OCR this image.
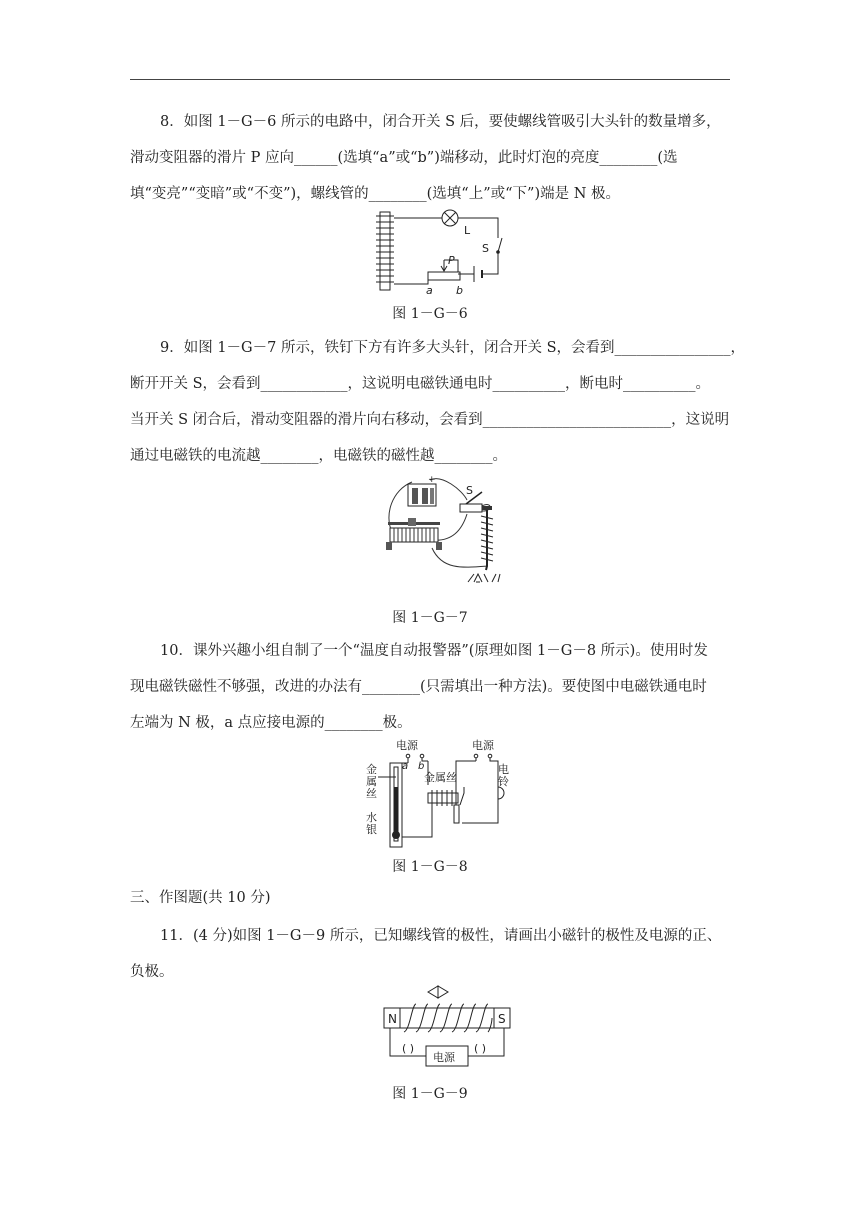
8．如图 1－G－6 所示的电路中，闭合开关 S 后，要使螺线管吸引大头针的数量增多，
滑动变阻器的滑片 P 应向______(选填“a”或“b”)端移动，此时灯泡的亮度________(选
填“变亮”“变暗”或“不变”)，螺线管的________(选填“上”或“下”)端是 N 极。

L
S
P
a b
图 1－G－6

9．如图 1－G－7 所示，铁钉下方有许多大头针，闭合开关 S，会看到________________，
断开开关 S，会看到____________，这说明电磁铁通电时__________，断电时__________。
当开关 S 闭合后，滑动变阻器的滑片向右移动，会看到__________________________，这说明
通过电磁铁的电流越________，电磁铁的磁性越________。

+
S
图 1－G－7

10．课外兴趣小组自制了一个“温度自动报警器”(原理如图 1－G－8 所示)。使用时发
现电磁铁磁性不够强，改进的办法有________(只需填出一种方法)。要使图中电磁铁通电时
左端为 N 极，a 点应接电源的________极。

金
属
丝
水
银
电源
a b
金属丝
电源
电
铃
图 1－G－8
三、作图题(共 10 分)

11．(4 分)如图 1－G－9 所示，已知螺线管的极性，请画出小磁针的极性及电源的正、
负极。

N	S
电源
( )	( )
图 1－G－9
